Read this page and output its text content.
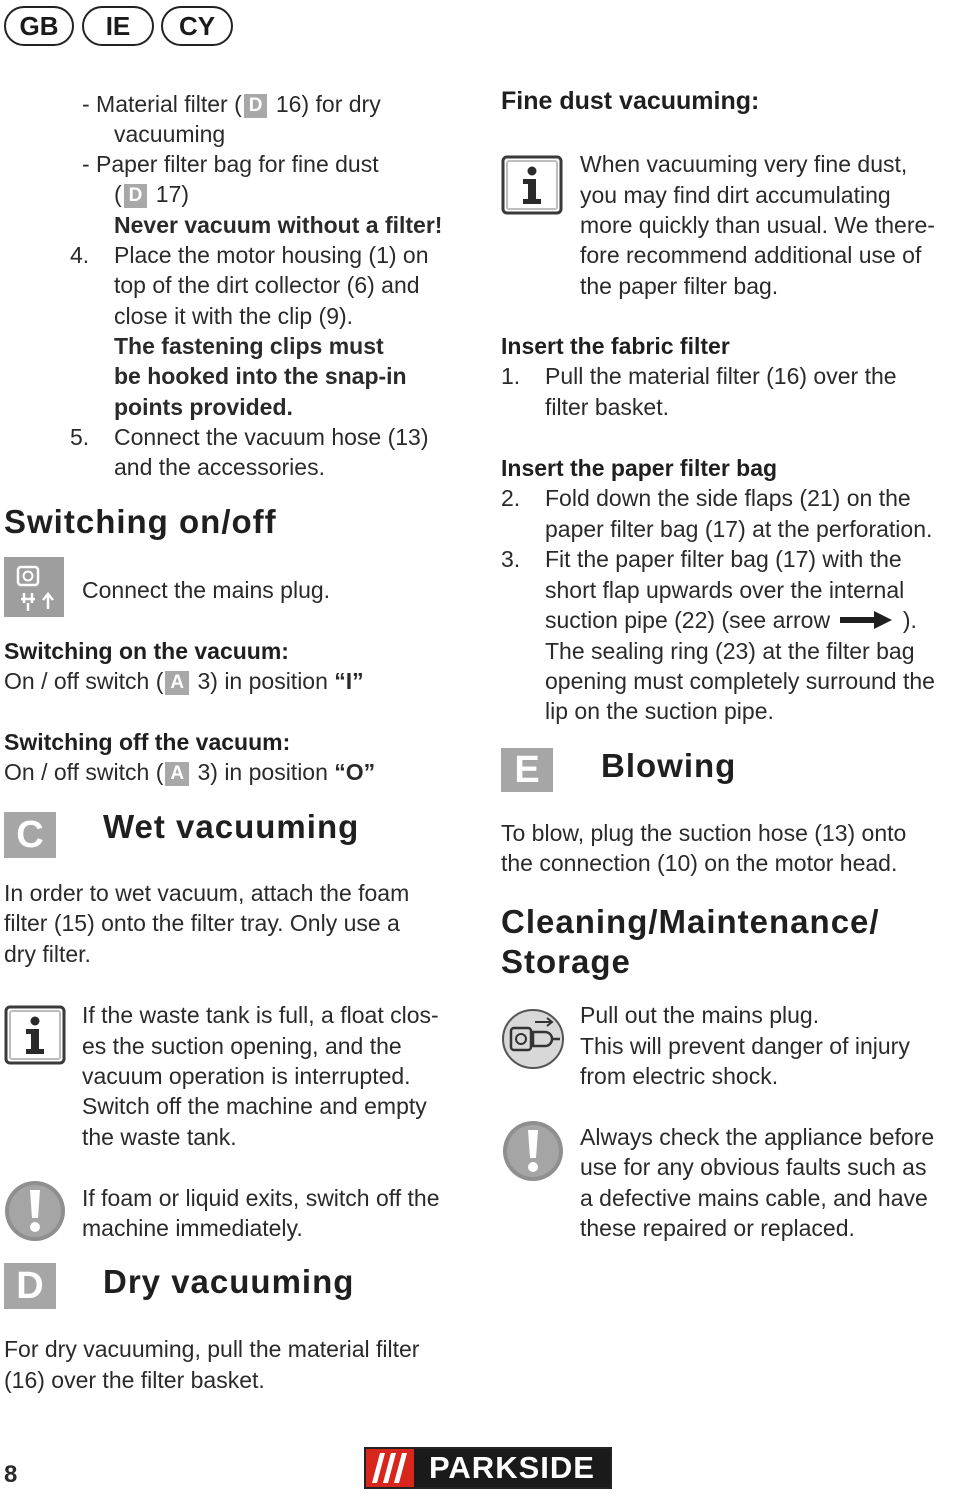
GB	IE	CY
- Material filter ( D 16) for dry
vacuuming
- Paper filter bag for fine dust
( D 17)
Never vacuum without a filter!
4. Place the motor housing (1) on
top of the dirt collector (6) and
close it with the clip (9).
The fastening clips must
be hooked into the snap-in
points provided.
5. Connect the vacuum hose (13)
and the accessories.
Switching on/off
Connect the mains plug.
Switching on the vacuum:
On / off switch ( A 3) in position “I”
Switching off the vacuum:
On / off switch ( A 3) in position “O”
C	Wet vacuuming
In order to wet vacuum, attach the foam
filter (15) onto the filter tray. Only use a
dry filter.
If the waste tank is full, a float clos-
es the suction opening, and the
vacuum operation is interrupted.
Switch off the machine and empty
the waste tank.
If foam or liquid exits, switch off the
machine immediately.
D	Dry vacuuming
For dry vacuuming, pull the material filter
(16) over the filter basket.
Fine dust vacuuming:
When vacuuming very fine dust,
you may find dirt accumulating
more quickly than usual. We there-
fore recommend additional use of
the paper filter bag.
Insert the fabric filter
1. Pull the material filter (16) over the
filter basket.
Insert the paper filter bag
2. Fold down the side flaps (21) on the
paper filter bag (17) at the perforation.
3. Fit the paper filter bag (17) with the
short flap upwards over the internal
suction pipe (22) (see arrow	).
The sealing ring (23) at the filter bag
opening must completely surround the
lip on the suction pipe.
E	Blowing
To blow, plug the suction hose (13) onto
the connection (10) on the motor head.
Cleaning/Maintenance/
Storage
Pull out the mains plug.
This will prevent danger of injury
from electric shock.
Always check the appliance before
use for any obvious faults such as
a defective mains cable, and have
these repaired or replaced.
8	PARKSIDE
